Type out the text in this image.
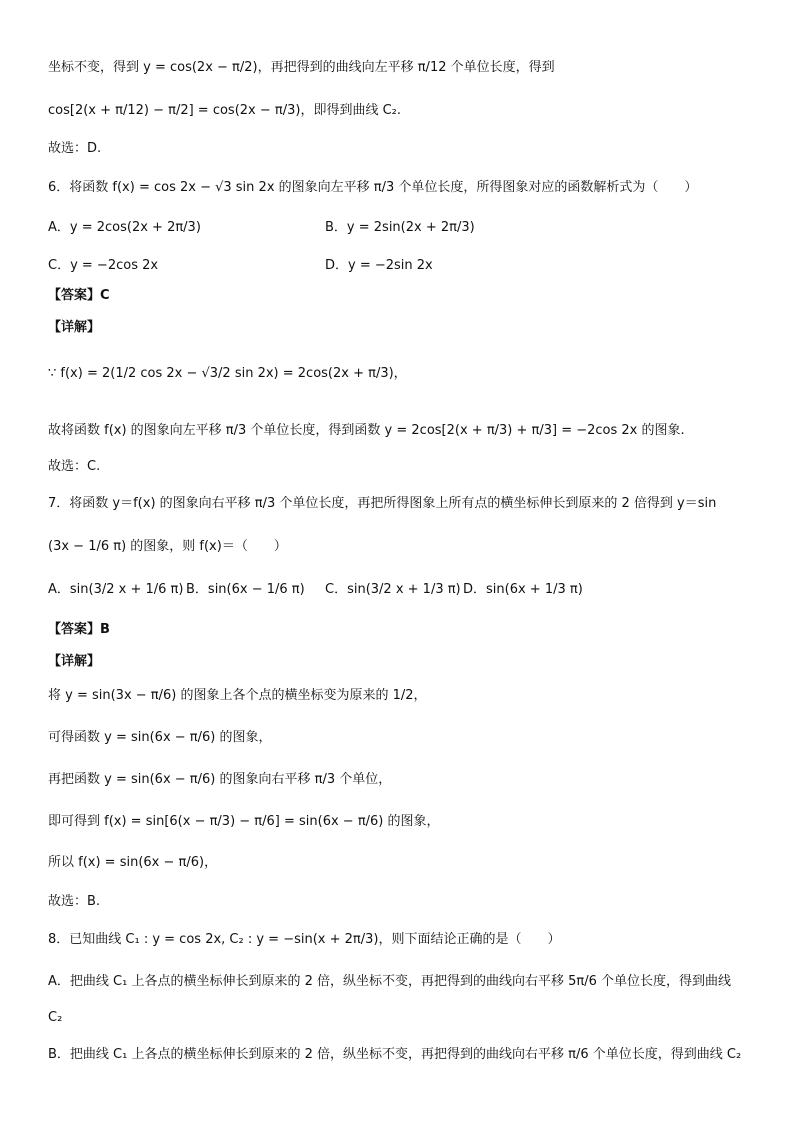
坐标不变，得到 y = cos(2x − π/2)，再把得到的曲线向左平移 π/12 个单位长度，得到
cos[2(x + π/12) − π/2] = cos(2x − π/3)，即得到曲线 C₂.
故选：D.
6．将函数 f(x) = cos 2x − √3 sin 2x 的图象向左平移 π/3 个单位长度，所得图象对应的函数解析式为（　　）
A．y = 2cos(2x + 2π/3)	B．y = 2sin(2x + 2π/3)
C．y = −2cos 2x	D．y = −2sin 2x
【答案】C
【详解】
∵ f(x) = 2(1/2 cos 2x − √3/2 sin 2x) = 2cos(2x + π/3)，
故将函数 f(x) 的图象向左平移 π/3 个单位长度，得到函数 y = 2cos[2(x + π/3) + π/3] = −2cos 2x 的图象.
故选：C.
7．将函数 y＝f(x) 的图象向右平移 π/3 个单位长度，再把所得图象上所有点的横坐标伸长到原来的 2 倍得到 y＝sin
(3x − 1/6 π) 的图象，则 f(x)＝（　　）
A．sin(3/2 x + 1/6 π) B．sin(6x − 1/6 π) C．sin(3/2 x + 1/3 π) D．sin(6x + 1/3 π)
【答案】B
【详解】
将 y = sin(3x − π/6) 的图象上各个点的横坐标变为原来的 1/2，
可得函数 y = sin(6x − π/6) 的图象，
再把函数 y = sin(6x − π/6) 的图象向右平移 π/3 个单位，
即可得到 f(x) = sin[6(x − π/3) − π/6] = sin(6x − π/6) 的图象，
所以 f(x) = sin(6x − π/6)，
故选：B.
8．已知曲线 C₁ : y = cos 2x, C₂ : y = −sin(x + 2π/3)，则下面结论正确的是（　　）
A．把曲线 C₁ 上各点的横坐标伸长到原来的 2 倍，纵坐标不变，再把得到的曲线向右平移 5π/6 个单位长度，得到曲线
C₂
B．把曲线 C₁ 上各点的横坐标伸长到原来的 2 倍，纵坐标不变，再把得到的曲线向右平移 π/6 个单位长度，得到曲线 C₂
